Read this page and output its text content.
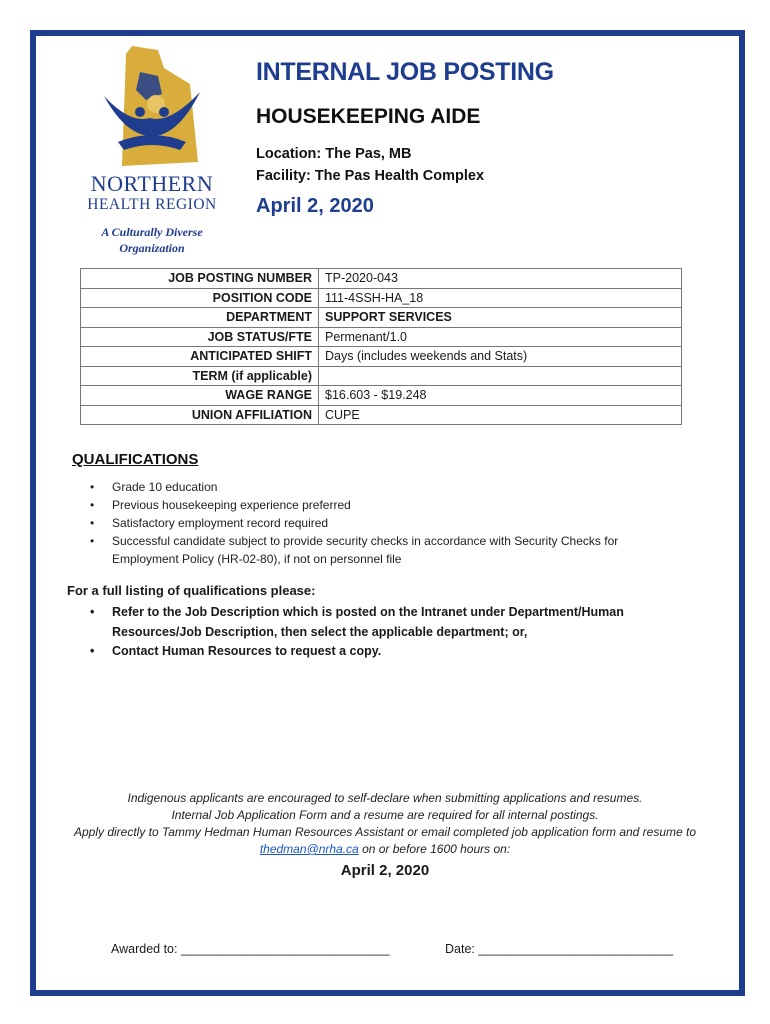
NORTHERN
HEALTH REGION
A Culturally Diverse Organization
INTERNAL JOB POSTING
HOUSEKEEPING AIDE
Location: The Pas, MB
Facility: The Pas Health Complex
April 2, 2020
JOB POSTING NUMBER	TP-2020-043
POSITION CODE	111-4SSH-HA_18
DEPARTMENT	SUPPORT SERVICES
JOB STATUS/FTE	Permenant/1.0
ANTICIPATED SHIFT	Days (includes weekends and Stats)
TERM (if applicable)	
WAGE RANGE	$16.603 - $19.248
UNION AFFILIATION	CUPE
QUALIFICATIONS
• Grade 10 education
• Previous housekeeping experience preferred
• Satisfactory employment record required
• Successful candidate subject to provide security checks in accordance with Security Checks for Employment Policy (HR-02-80), if not on personnel file
For a full listing of qualifications please:
• Refer to the Job Description which is posted on the Intranet under Department/Human Resources/Job Description, then select the applicable department; or,
• Contact Human Resources to request a copy.
Indigenous applicants are encouraged to self-declare when submitting applications and resumes.
Internal Job Application Form and a resume are required for all internal postings.
Apply directly to Tammy Hedman Human Resources Assistant or email completed job application form and resume to
thedman@nrha.ca on or before 1600 hours on:
April 2, 2020
Awarded to: ______________________________	Date: ____________________________
